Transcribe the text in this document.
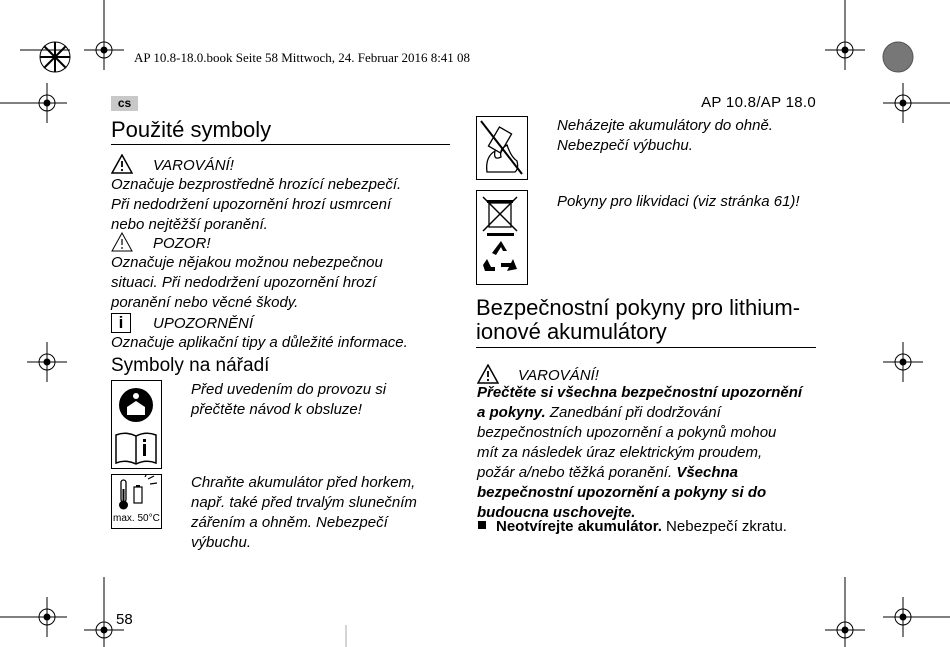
AP 10.8-18.0.book Seite 58 Mittwoch, 24. Februar 2016 8:41 08
cs	AP 10.8/AP 18.0
Použité symboly
VAROVÁNÍ!
Označuje bezprostředně hrozící nebezpečí.
Při nedodržení upozornění hrozí usmrcení
nebo nejtěžší poranění.
POZOR!
Označuje nějakou možnou nebezpečnou
situaci. Při nedodržení upozornění hrozí
poranění nebo věcné škody.
i	UPOZORNĚNÍ
Označuje aplikační tipy a důležité informace.
Symboly na nářadí
Před uvedením do provozu si
přečtěte návod k obsluze!
max. 50°C
Chraňte akumulátor před horkem,
např. také před trvalým slunečním
zářením a ohněm. Nebezpečí
výbuchu.
58
Neházejte akumulátory do ohně.
Nebezpečí výbuchu.
Pokyny pro likvidaci (viz stránka 61)!
Bezpečnostní pokyny pro lithium-
ionové akumulátory
VAROVÁNÍ!
Přečtěte si všechna bezpečnostní upozornění
a pokyny. Zanedbání při dodržování
bezpečnostních upozornění a pokynů mohou
mít za následek úraz elektrickým proudem,
požár a/nebo těžká poranění. Všechna
bezpečnostní upozornění a pokyny si do
budoucna uschovejte.
Neotvírejte akumulátor. Nebezpečí zkratu.
